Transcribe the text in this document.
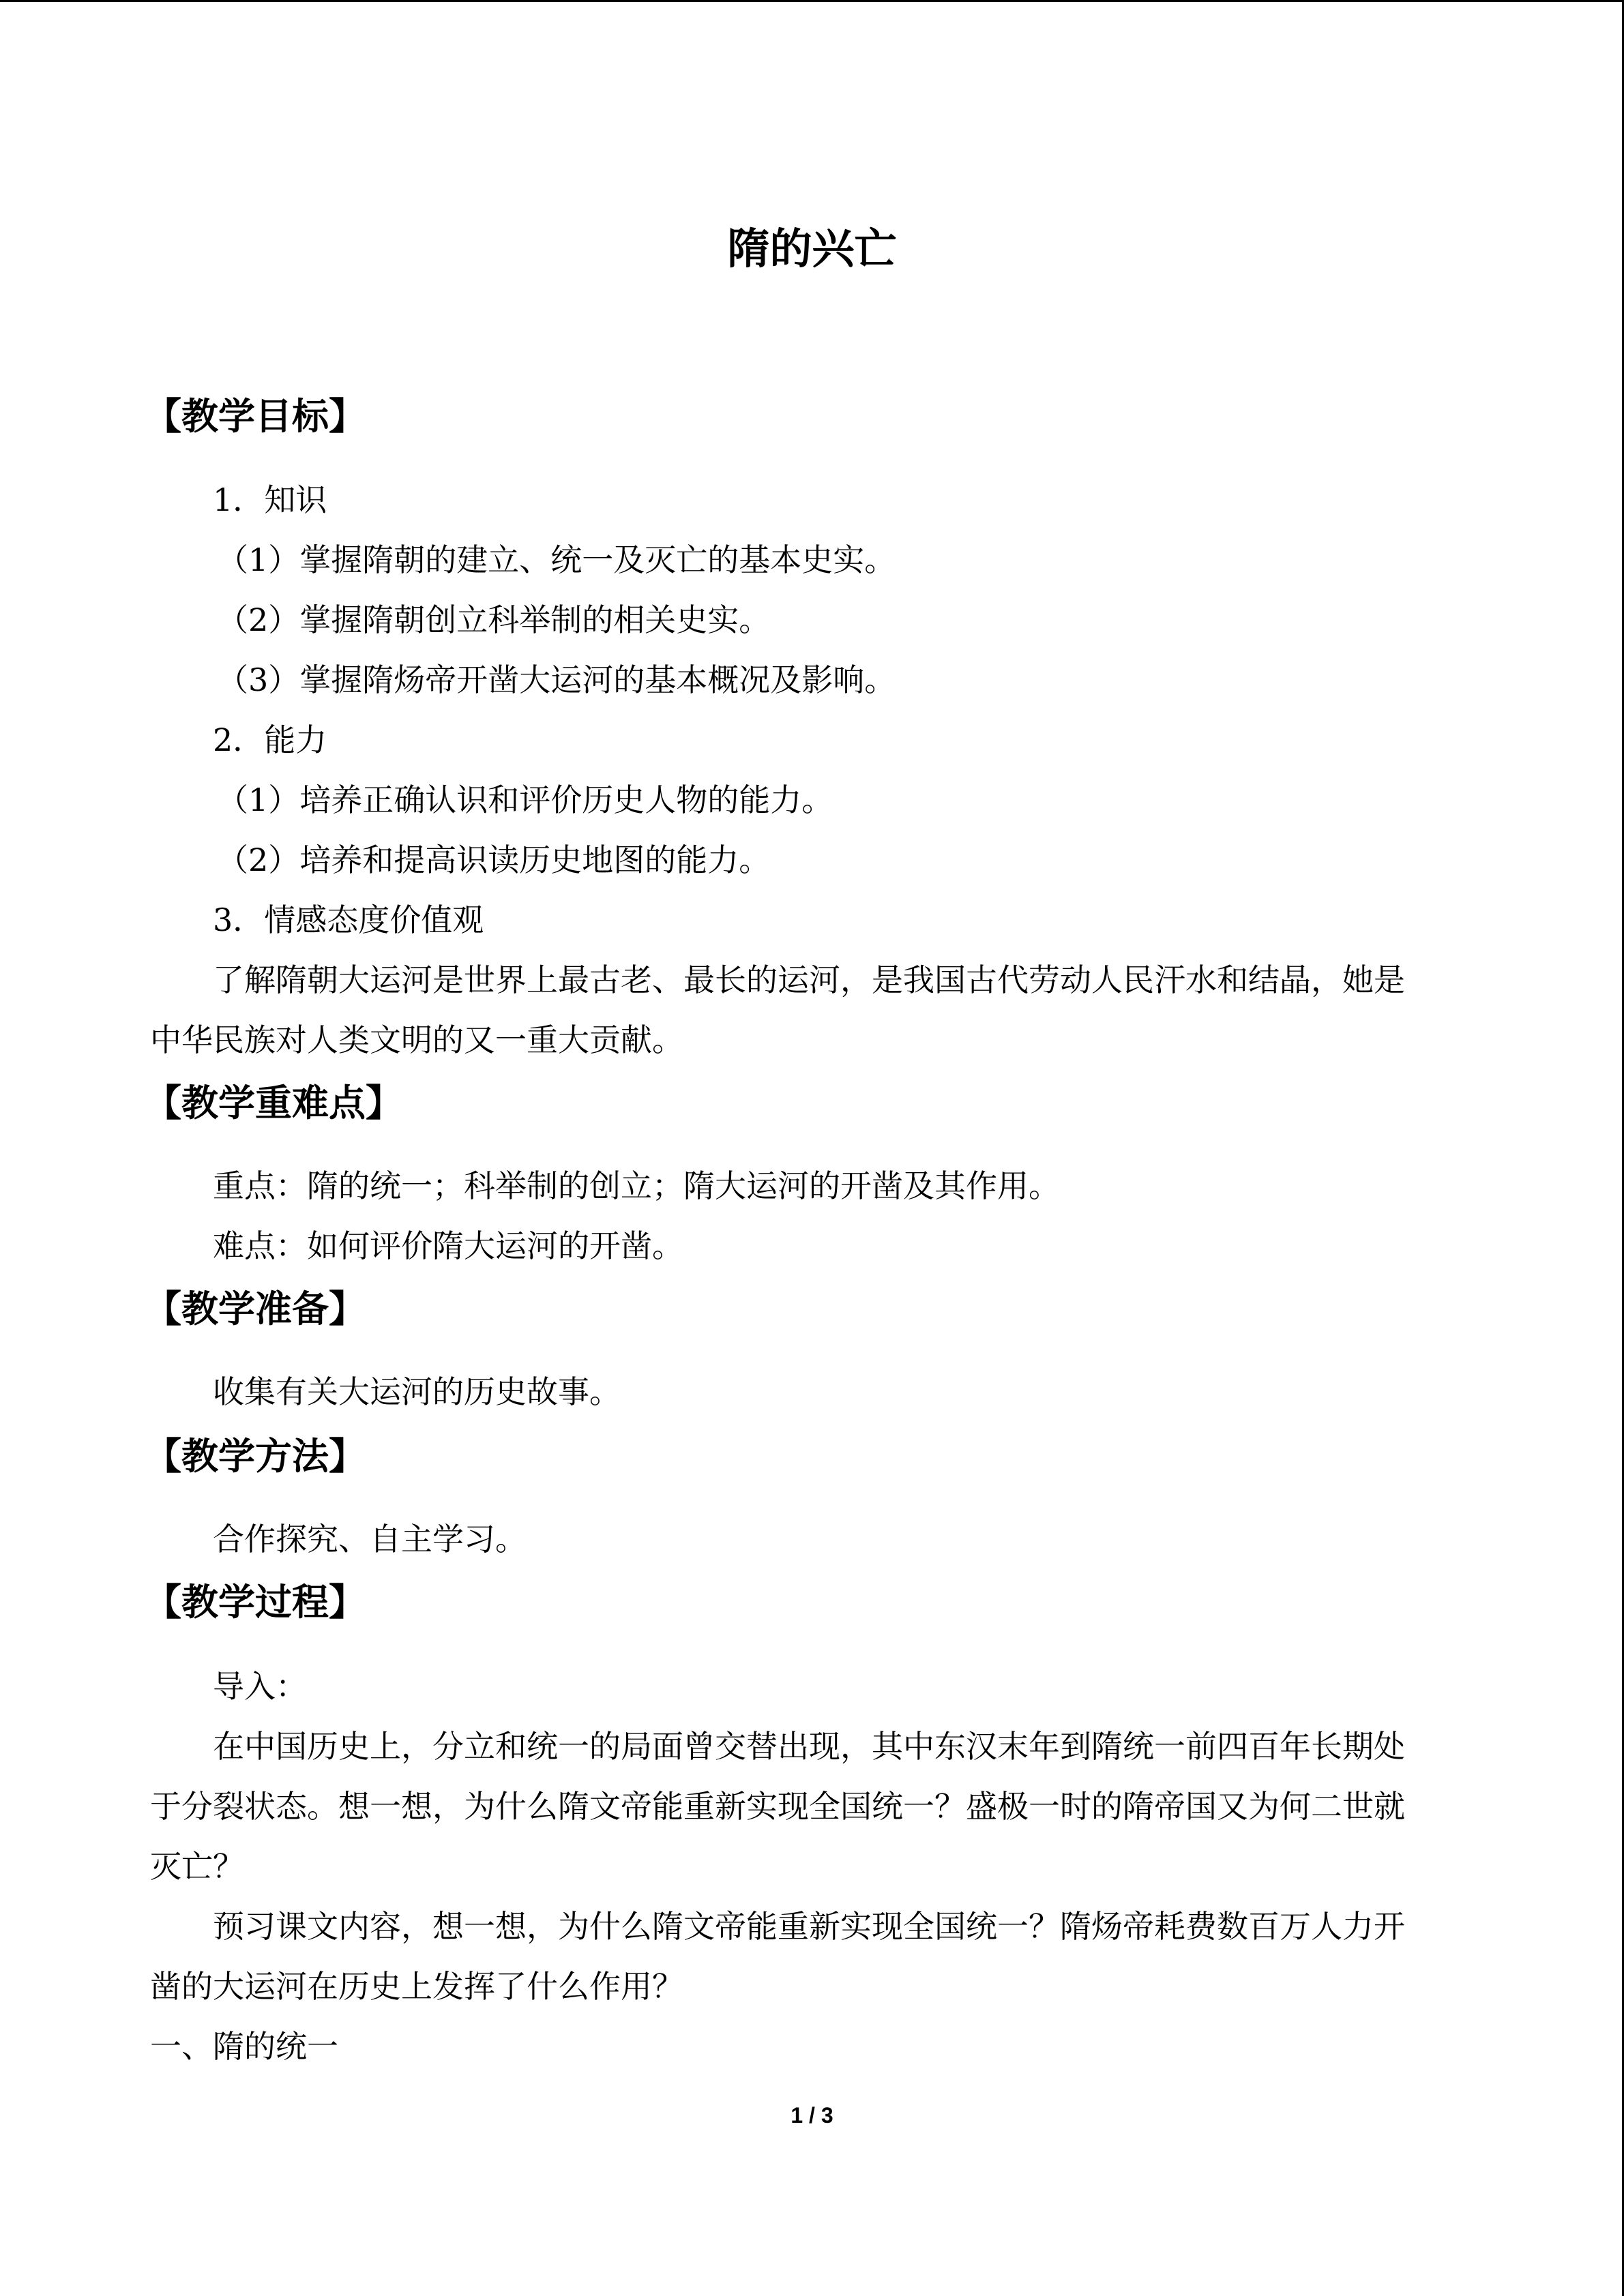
隋的兴亡
【教学目标】
1．知识
（1）掌握隋朝的建立、统一及灭亡的基本史实。
（2）掌握隋朝创立科举制的相关史实。
（3）掌握隋炀帝开凿大运河的基本概况及影响。
2．能力
（1）培养正确认识和评价历史人物的能力。
（2）培养和提高识读历史地图的能力。
3．情感态度价值观
了解隋朝大运河是世界上最古老、最长的运河，是我国古代劳动人民汗水和结晶，她是
中华民族对人类文明的又一重大贡献。
【教学重难点】
重点：隋的统一；科举制的创立；隋大运河的开凿及其作用。
难点：如何评价隋大运河的开凿。
【教学准备】
收集有关大运河的历史故事。
【教学方法】
合作探究、自主学习。
【教学过程】
导入：
在中国历史上，分立和统一的局面曾交替出现，其中东汉末年到隋统一前四百年长期处
于分裂状态。想一想，为什么隋文帝能重新实现全国统一？盛极一时的隋帝国又为何二世就
灭亡？
预习课文内容，想一想，为什么隋文帝能重新实现全国统一？隋炀帝耗费数百万人力开
凿的大运河在历史上发挥了什么作用？
一、隋的统一
1 / 3
